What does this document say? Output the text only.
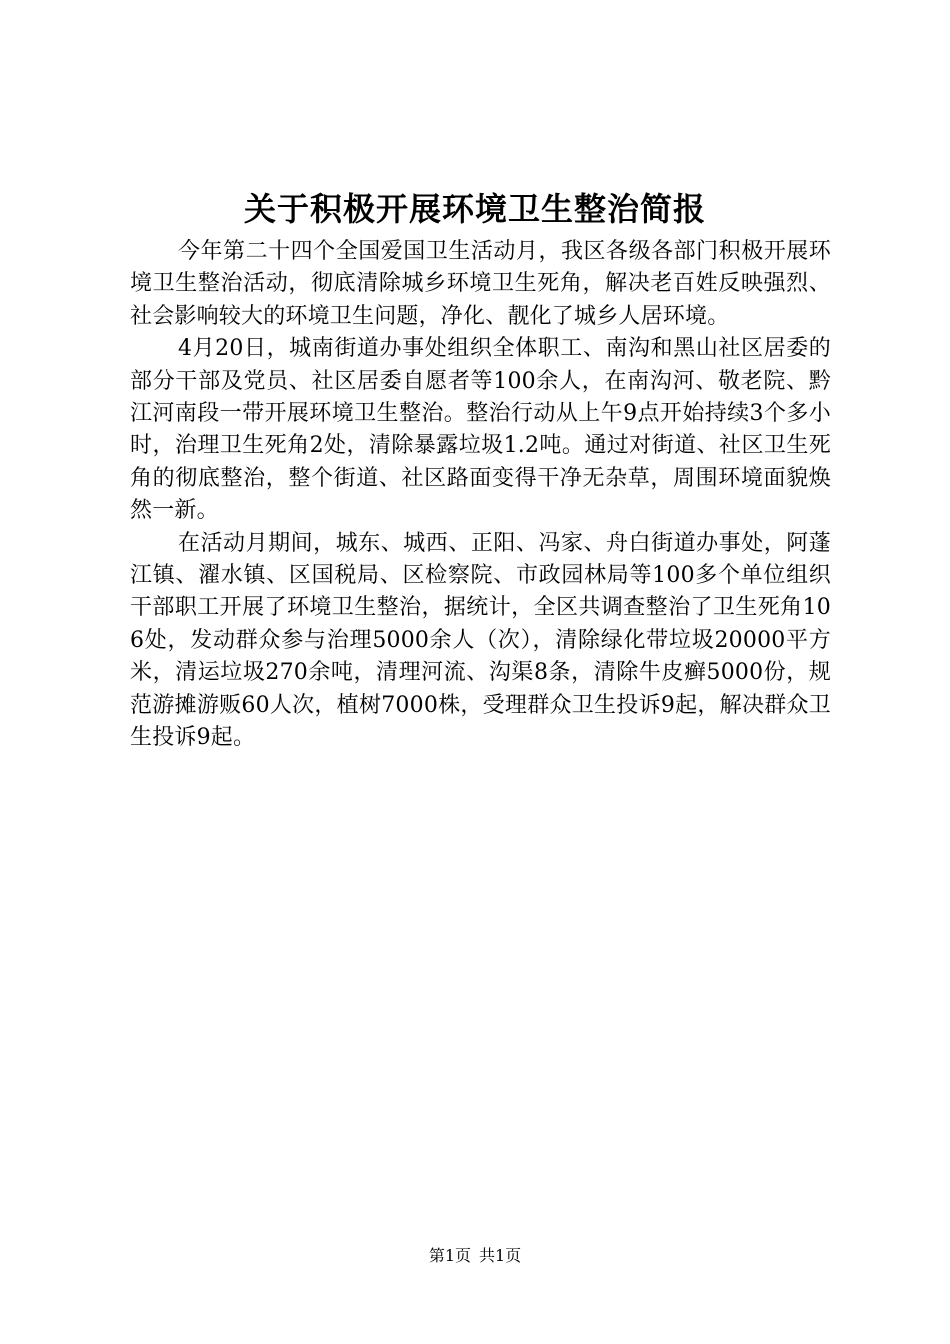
关于积极开展环境卫生整治简报

今年第二十四个全国爱国卫生活动月，我区各级各部门积极开展环境卫生整治活动，彻底清除城乡环境卫生死角，解决老百姓反映强烈、社会影响较大的环境卫生问题，净化、靓化了城乡人居环境。

4月20日，城南街道办事处组织全体职工、南沟和黑山社区居委的部分干部及党员、社区居委自愿者等100余人，在南沟河、敬老院、黔江河南段一带开展环境卫生整治。整治行动从上午9点开始持续3个多小时，治理卫生死角2处，清除暴露垃圾1.2吨。通过对街道、社区卫生死角的彻底整治，整个街道、社区路面变得干净无杂草，周围环境面貌焕然一新。

在活动月期间，城东、城西、正阳、冯家、舟白街道办事处，阿蓬江镇、濯水镇、区国税局、区检察院、市政园林局等100多个单位组织干部职工开展了环境卫生整治，据统计，全区共调查整治了卫生死角106处，发动群众参与治理5000余人（次），清除绿化带垃圾20000平方米，清运垃圾270余吨，清理河流、沟渠8条，清除牛皮癣5000份，规范游摊游贩60人次，植树7000株，受理群众卫生投诉9起，解决群众卫生投诉9起。

第1页 共1页
